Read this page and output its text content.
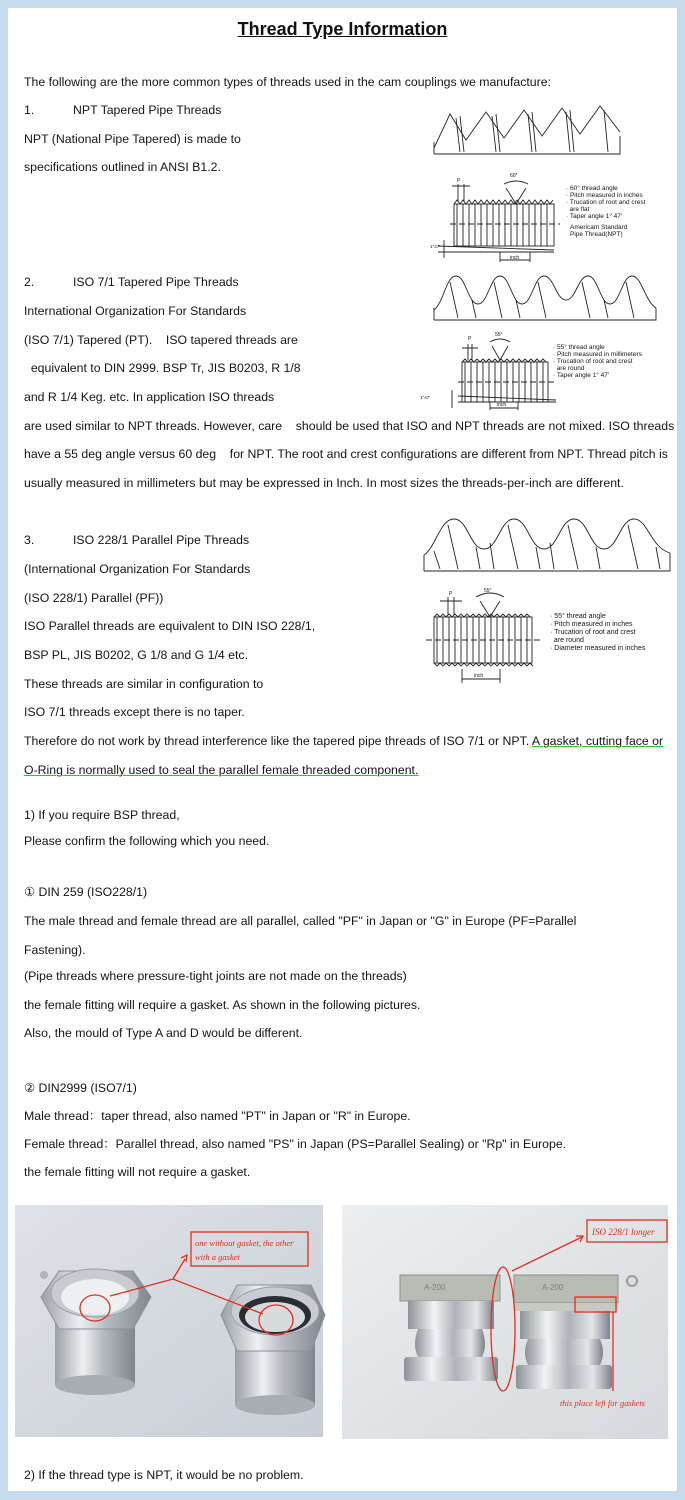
Thread Type Information
The following are the more common types of threads used in the cam couplings we manufacture:
1.	NPT Tapered Pipe Threads
NPT (National Pipe Tapered) is made to
specifications outlined in ANSI B1.2.
P
60°
1°47'
inch
· 60° thread angle
· Pitch measured in inches
· Trucation of root and crest
are flat
· Taper angle 1° 47'
Americam Standard
Pipe Thread(NPT)
2.	ISO 7/1 Tapered Pipe Threads
International Organization For Standards
(ISO 7/1) Tapered (PT).    ISO tapered threads are
equivalent to DIN 2999. BSP Tr, JIS B0203, R 1/8
and R 1/4 Keg. etc. In application ISO threads
are used similar to NPT threads. However, care    should be used that ISO and NPT threads are not mixed. ISO threads
have a 55 deg angle versus 60 deg    for NPT. The root and crest configurations are different from NPT. Thread pitch is
usually measured in millimeters but may be expressed in Inch. In most sizes the threads-per-inch are different.
P
55°
1°47'
inch
· 55° thread angle
· Pitch measured in millimeters
· Trucation of root and crest
are round
· Taper angle 1° 47'
3.	ISO 228/1 Parallel Pipe Threads
(International Organization For Standards
(ISO 228/1) Parallel (PF))
ISO Parallel threads are equivalent to DIN ISO 228/1,
BSP PL, JIS B0202, G 1/8 and G 1/4 etc.
These threads are similar in configuration to
ISO 7/1 threads except there is no taper.
Therefore do not work by thread interference like the tapered pipe threads of ISO 7/1 or NPT. A gasket, cutting face or
O-Ring is normally used to seal the parallel female threaded component.
P	55°
inch
· 55° thread angle
· Pitch measured in inches
· Trucation of root and crest
are round
· Diameter measured in inches
1) If you require BSP thread,
Please confirm the following which you need.
① DIN 259 (ISO228/1)
The male thread and female thread are all parallel, called "PF" in Japan or "G" in Europe (PF=Parallel
Fastening).
(Pipe threads where pressure-tight joints are not made on the threads)
the female fitting will require a gasket. As shown in the following pictures.
Also, the mould of Type A and D would be different.
② DIN2999 (ISO7/1)
Male thread：taper thread, also named "PT" in Japan or "R" in Europe.
Female thread：Parallel thread, also named "PS" in Japan (PS=Parallel Sealing) or "Rp" in Europe.
the female fitting will not require a gasket.
one without gasket, the other
with a gasket
A-200	A-200
ISO 228/1 longer
this place left for gaskets
2) If the thread type is NPT, it would be no problem.
